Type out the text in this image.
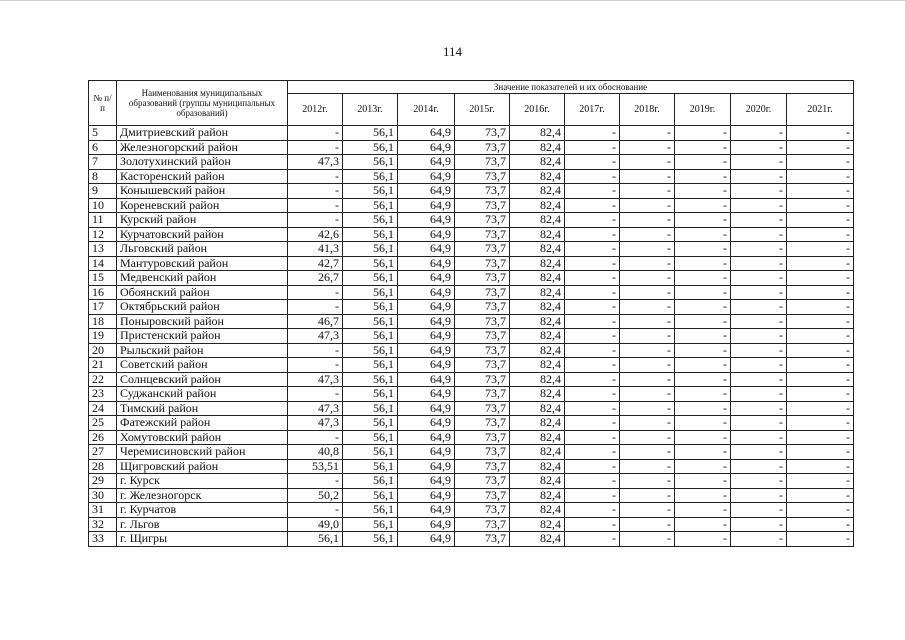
114
№ п/п	Наименования муниципальных образований (группы муниципальных образований)	Значение показателей и их обоснование									
		2012г.	2013г.	2014г.	2015г.	2016г.	2017г.	2018г.	2019г.	2020г.	2021г.
5	Дмитриевский район	-	56,1	64,9	73,7	82,4	-	-	-	-	-
6	Железногорский район	-	56,1	64,9	73,7	82,4	-	-	-	-	-
7	Золотухинский район	47,3	56,1	64,9	73,7	82,4	-	-	-	-	-
8	Касторенский район	-	56,1	64,9	73,7	82,4	-	-	-	-	-
9	Конышевский район	-	56,1	64,9	73,7	82,4	-	-	-	-	-
10	Кореневский район	-	56,1	64,9	73,7	82,4	-	-	-	-	-
11	Курский район	-	56,1	64,9	73,7	82,4	-	-	-	-	-
12	Курчатовский район	42,6	56,1	64,9	73,7	82,4	-	-	-	-	-
13	Льговский район	41,3	56,1	64,9	73,7	82,4	-	-	-	-	-
14	Мантуровский район	42,7	56,1	64,9	73,7	82,4	-	-	-	-	-
15	Медвенский район	26,7	56,1	64,9	73,7	82,4	-	-	-	-	-
16	Обоянский район	-	56,1	64,9	73,7	82,4	-	-	-	-	-
17	Октябрьский район	-	56,1	64,9	73,7	82,4	-	-	-	-	-
18	Поныровский район	46,7	56,1	64,9	73,7	82,4	-	-	-	-	-
19	Пристенский район	47,3	56,1	64,9	73,7	82,4	-	-	-	-	-
20	Рыльский район	-	56,1	64,9	73,7	82,4	-	-	-	-	-
21	Советский район	-	56,1	64,9	73,7	82,4	-	-	-	-	-
22	Солнцевский район	47,3	56,1	64,9	73,7	82,4	-	-	-	-	-
23	Суджанский район	-	56,1	64,9	73,7	82,4	-	-	-	-	-
24	Тимский район	47,3	56,1	64,9	73,7	82,4	-	-	-	-	-
25	Фатежский район	47,3	56,1	64,9	73,7	82,4	-	-	-	-	-
26	Хомутовский район	-	56,1	64,9	73,7	82,4	-	-	-	-	-
27	Черемисиновский район	40,8	56,1	64,9	73,7	82,4	-	-	-	-	-
28	Щигровский район	53,51	56,1	64,9	73,7	82,4	-	-	-	-	-
29	г. Курск	-	56,1	64,9	73,7	82,4	-	-	-	-	-
30	г. Железногорск	50,2	56,1	64,9	73,7	82,4	-	-	-	-	-
31	г. Курчатов	-	56,1	64,9	73,7	82,4	-	-	-	-	-
32	г. Льгов	49,0	56,1	64,9	73,7	82,4	-	-	-	-	-
33	г. Щигры	56,1	56,1	64,9	73,7	82,4	-	-	-	-	-
